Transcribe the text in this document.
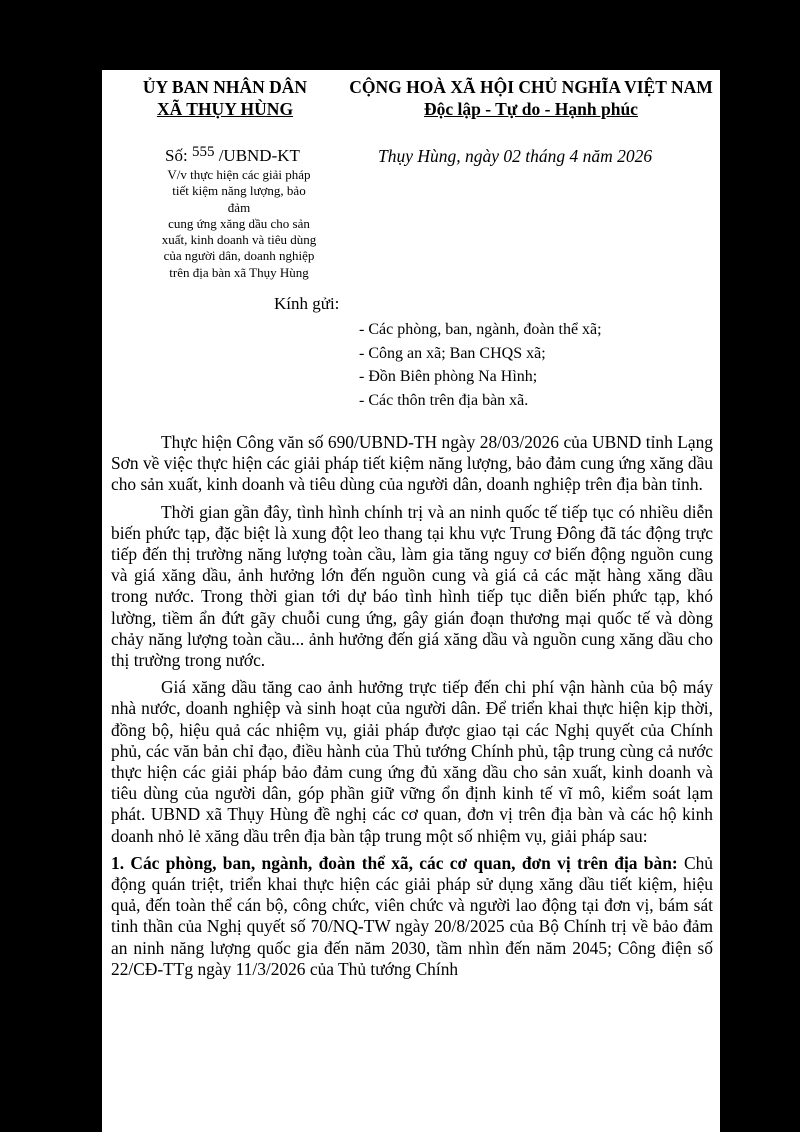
ỦY BAN NHÂN DÂN
XÃ THỤY HÙNG
CỘNG HOÀ XÃ HỘI CHỦ NGHĨA VIỆT NAM
Độc lập - Tự do - Hạnh phúc
Số: 555 /UBND-KT	Thụy Hùng, ngày 02 tháng 4 năm 2026
V/v thực hiện các giải pháp
tiết kiệm năng lượng, bảo đảm
cung ứng xăng dầu cho sản
xuất, kinh doanh và tiêu dùng
của người dân, doanh nghiệp
trên địa bàn xã Thụy Hùng
Kính gửi:
- Các phòng, ban, ngành, đoàn thể xã;
- Công an xã; Ban CHQS xã;
- Đồn Biên phòng Na Hình;
- Các thôn trên địa bàn xã.

Thực hiện Công văn số 690/UBND-TH ngày 28/03/2026 của UBND tỉnh Lạng Sơn về việc thực hiện các giải pháp tiết kiệm năng lượng, bảo đảm cung ứng xăng dầu cho sản xuất, kinh doanh và tiêu dùng của người dân, doanh nghiệp trên địa bàn tỉnh.

Thời gian gần đây, tình hình chính trị và an ninh quốc tế tiếp tục có nhiều diễn biến phức tạp, đặc biệt là xung đột leo thang tại khu vực Trung Đông đã tác động trực tiếp đến thị trường năng lượng toàn cầu, làm gia tăng nguy cơ biến động nguồn cung và giá xăng dầu, ảnh hưởng lớn đến nguồn cung và giá cả các mặt hàng xăng dầu trong nước. Trong thời gian tới dự báo tình hình tiếp tục diễn biến phức tạp, khó lường, tiềm ẩn đứt gãy chuỗi cung ứng, gây gián đoạn thương mại quốc tế và dòng chảy năng lượng toàn cầu... ảnh hưởng đến giá xăng dầu và nguồn cung xăng dầu cho thị trường trong nước.

Giá xăng dầu tăng cao ảnh hưởng trực tiếp đến chi phí vận hành của bộ máy nhà nước, doanh nghiệp và sinh hoạt của người dân. Để triển khai thực hiện kịp thời, đồng bộ, hiệu quả các nhiệm vụ, giải pháp được giao tại các Nghị quyết của Chính phủ, các văn bản chỉ đạo, điều hành của Thủ tướng Chính phủ, tập trung cùng cả nước thực hiện các giải pháp bảo đảm cung ứng đủ xăng dầu cho sản xuất, kinh doanh và tiêu dùng của người dân, góp phần giữ vững ổn định kinh tế vĩ mô, kiểm soát lạm phát. UBND xã Thụy Hùng đề nghị các cơ quan, đơn vị trên địa bàn và các hộ kinh doanh nhỏ lẻ xăng dầu trên địa bàn tập trung một số nhiệm vụ, giải pháp sau:

1. Các phòng, ban, ngành, đoàn thể xã, các cơ quan, đơn vị trên địa bàn: Chủ động quán triệt, triển khai thực hiện các giải pháp sử dụng xăng dầu tiết kiệm, hiệu quả, đến toàn thể cán bộ, công chức, viên chức và người lao động tại đơn vị, bám sát tinh thần của Nghị quyết số 70/NQ-TW ngày 20/8/2025 của Bộ Chính trị về bảo đảm an ninh năng lượng quốc gia đến năm 2030, tầm nhìn đến năm 2045; Công điện số 22/CĐ-TTg ngày 11/3/2026 của Thủ tướng Chính
